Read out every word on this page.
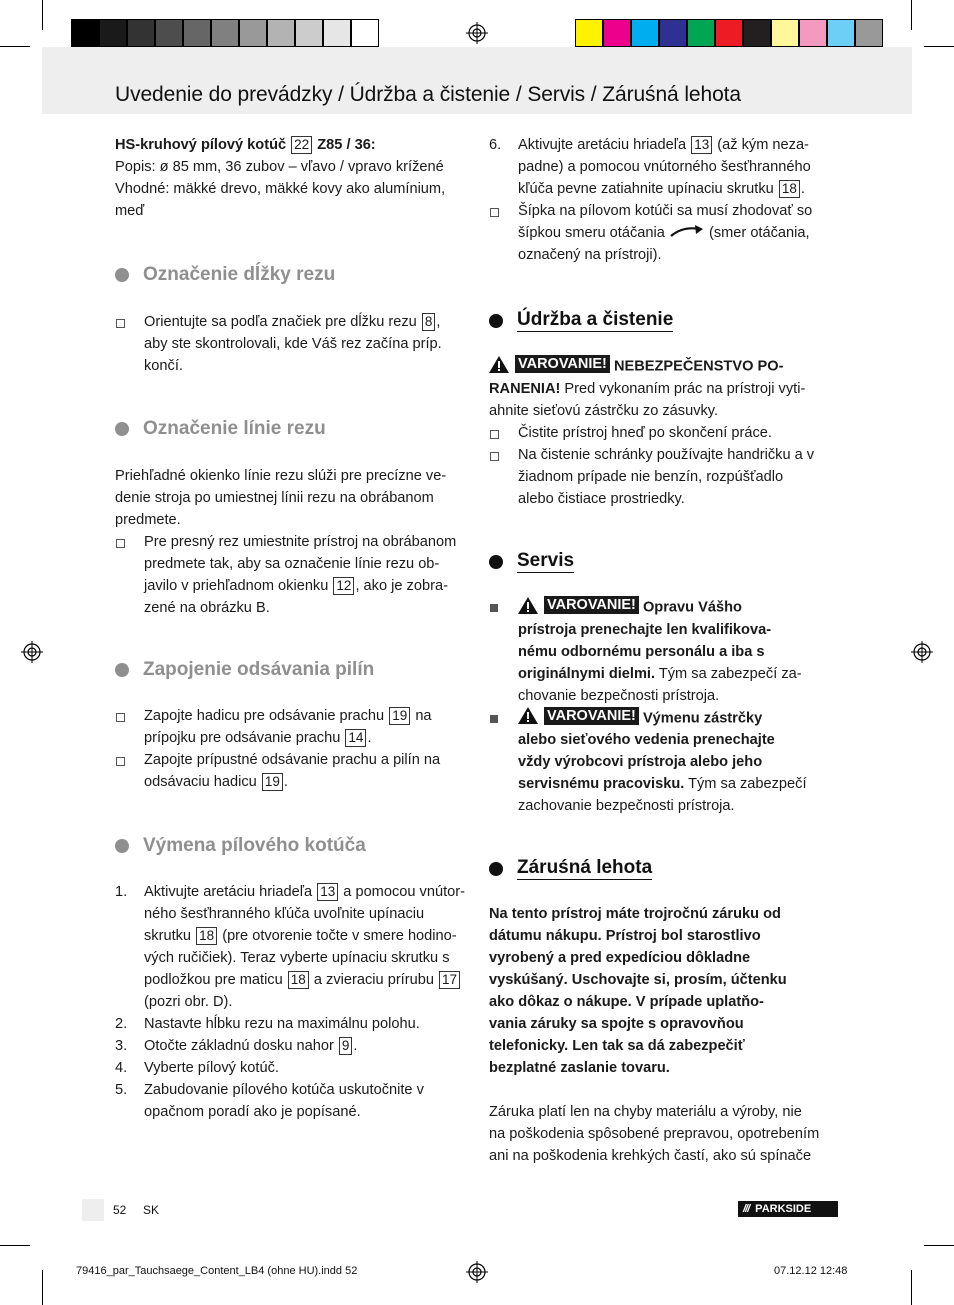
Uvedenie do prevádzky / Údržba a čistenie / Servis / Záruśná lehota

HS-kruhový pílový kotúč 22 Z85 / 36:

Popis: ø 85 mm, 36 zubov – vľavo / vpravo krížené

Vhodné: mäkké drevo, mäkké kovy ako alumínium,

meď

Označenie dĺžky rezu

Orientujte sa podľa značiek pre dĺžku rezu 8 ,

aby ste skontrolovali, kde Váš rez začína príp.

končí.

Označenie línie rezu

Priehľadné okienko línie rezu slúži pre precízne ve-

denie stroja po umiestnej línii rezu na obrábanom

predmete.

Pre presný rez umiestnite prístroj na obrábanom

predmete tak, aby sa označenie línie rezu ob-

javilo v priehľadnom okienku 12 , ako je zobra-

zené na obrázku B.

Zapojenie odsávania pilín

Zapojte hadicu pre odsávanie prachu 19 na

prípojku pre odsávanie prachu 14 .

Zapojte prípustné odsávanie prachu a pilín na

odsávaciu hadicu 19 .

Výmena pílového kotúča
1. Aktivujte aretáciu hriadeľa 13 a pomocou vnútor-

ného šesťhranného kľúča uvoľnite upínaciu

skrutku 18 (pre otvorenie točte v smere hodino-

vých ručičiek). Teraz vyberte upínaciu skrutku s

podložkou pre maticu 18 a zvieraciu prírubu 17

(pozri obr. D).

2. Nastavte hĺbku rezu na maximálnu polohu.

3. Otočte základnú dosku nahor 9 .

4. Vyberte pílový kotúč.

5. Zabudovanie pílového kotúča uskutočnite v

opačnom poradí ako je popísané.

6. Aktivujte aretáciu hriadeľa 13 (až kým neza-

padne) a pomocou vnútorného šesťhranného

kľúča pevne zatiahnite upínaciu skrutku 18 .

Šípka na pílovom kotúči sa musí zhodovať so

šípkou smeru otáčania	(smer otáčania,

označený na prístroji).

Údržba a čistenie

VAROVANIE! NEBEZPEČENSTVO PO-

RANENIA! Pred vykonaním prác na prístroji vyti-

ahnite sieťovú zástrčku zo zásuvky.

Čistite prístroj hneď po skončení práce.

Na čistenie schránky používajte handričku a v

žiadnom prípade nie benzín, rozpúšťadlo

alebo čistiace prostriedky.

Servis

VAROVANIE! Opravu Vášho

prístroja prenechajte len kvalifikova-

nému odbornému personálu a iba s

originálnymi dielmi. Tým sa zabezpečí za-

chovanie bezpečnosti prístroja.

VAROVANIE! Výmenu zástrčky

alebo sieťového vedenia prenechajte

vždy výrobcovi prístroja alebo jeho

servisnému pracovisku. Tým sa zabezpečí

zachovanie bezpečnosti prístroja.

Záruśná lehota

Na tento prístroj máte trojročnú záruku od

dátumu nákupu. Prístroj bol starostlivo

vyrobený a pred expedíciou dôkladne

vyskúšaný. Uschovajte si, prosím, účtenku

ako dôkaz o nákupe. V prípade uplatňo-

vania záruky sa spojte s opravovňou

telefonicky. Len tak sa dá zabezpečiť

bezplatné zaslanie tovaru.

Záruka platí len na chyby materiálu a výroby, nie

na poškodenia spôsobené prepravou, opotrebením

ani na poškodenia krehkých častí, ako sú spínače

52 SK	/// PARKSIDE
79416_par_Tauchsaege_Content_LB4 (ohne HU).indd 52	07.12.12 12:48
